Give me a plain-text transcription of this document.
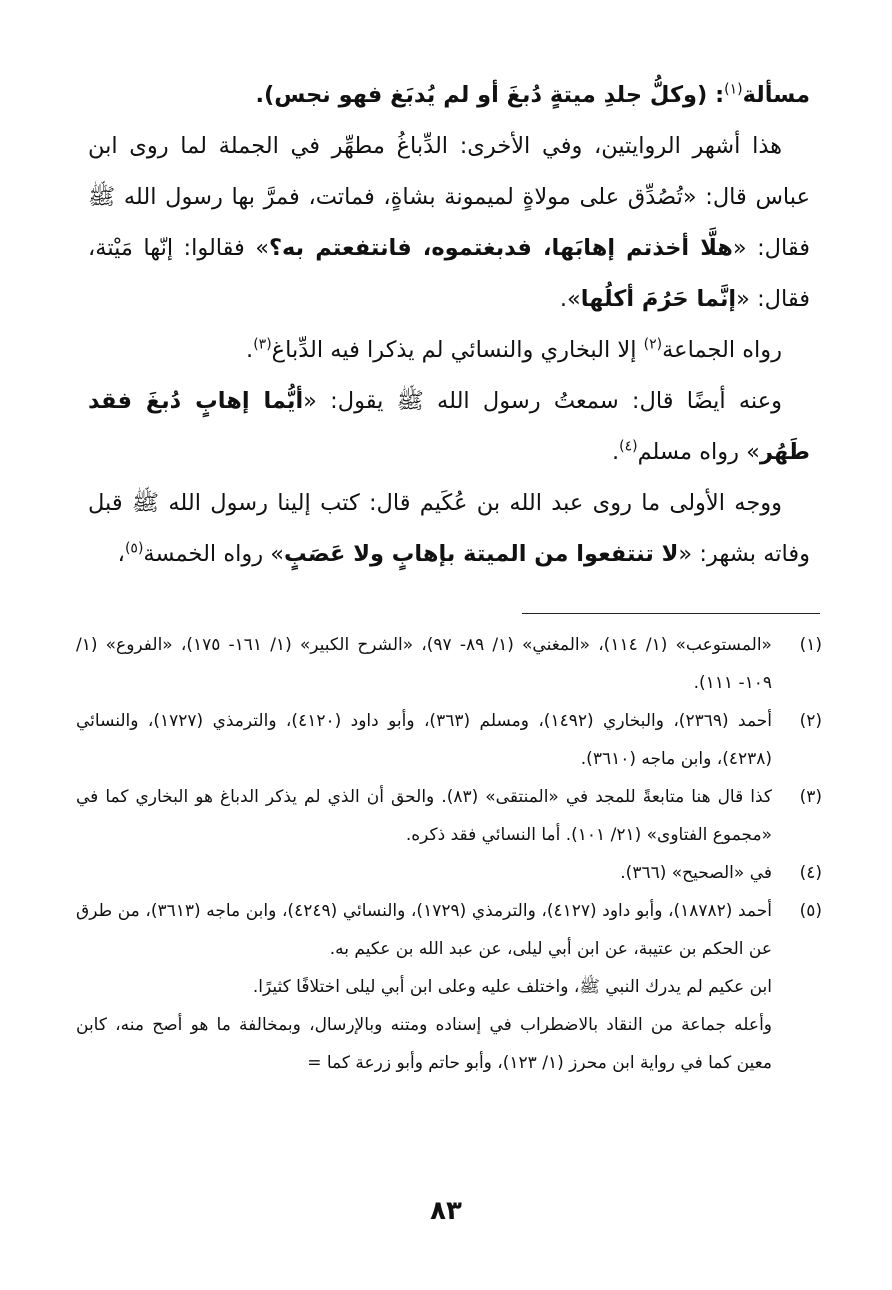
مسألة$^{(١)}$: (وكلُّ جلدِ ميتةٍ دُبغَ أو لم يُدبَغ فهو نجس).

هذا أشهر الروايتين، وفي الأخرى: الدِّباغُ مطهِّر في الجملة لما روى ابن عباس قال: «تُصُدِّق على مولاةٍ لميمونة بشاةٍ، فماتت، فمرَّ بها رسول الله ﷺ فقال: «هلَّا أخذتم إهابَها، فدبغتموه، فانتفعتم به؟» فقالوا: إنّها مَيْتة، فقال: «إنَّما حَرُمَ أكلُها».

رواه الجماعة$^{(٢)}$ إلا البخاري والنسائي لم يذكرا فيه الدِّباغ$^{(٣)}$.

وعنه أيضًا قال: سمعتُ رسول الله ﷺ يقول: «أيُّما إهابٍ دُبغَ فقد طَهُر» رواه مسلم$^{(٤)}$.

ووجه الأولى ما روى عبد الله بن عُكَيم قال: كتب إلينا رسول الله ﷺ قبل وفاته بشهر: «لا تنتفعوا من الميتة بإهابٍ ولا عَصَبٍ» رواه الخمسة$^{(٥)}$،

(١)

«المستوعب» (١/ ١١٤)، «المغني» (١/ ٨٩- ٩٧)، «الشرح الكبير» (١/ ١٦١- ١٧٥)، «الفروع» (١/ ١٠٩- ١١١).

(٢)

أحمد (٢٣٦٩)، والبخاري (١٤٩٢)، ومسلم (٣٦٣)، وأبو داود (٤١٢٠)، والترمذي (١٧٢٧)، والنسائي (٤٢٣٨)، وابن ماجه (٣٦١٠).

(٣)

كذا قال هنا متابعةً للمجد في «المنتقى» (٨٣). والحق أن الذي لم يذكر الدباغ هو البخاري كما في «مجموع الفتاوى» (٢١/ ١٠١). أما النسائي فقد ذكره.

(٤)

في «الصحيح» (٣٦٦).

(٥)

أحمد (١٨٧٨٢)، وأبو داود (٤١٢٧)، والترمذي (١٧٢٩)، والنسائي (٤٢٤٩)، وابن ماجه (٣٦١٣)، من طرق عن الحكم بن عتيبة، عن ابن أبي ليلى، عن عبد الله بن عكيم به.

ابن عكيم لم يدرك النبي ﷺ، واختلف عليه وعلى ابن أبي ليلى اختلافًا كثيرًا.

وأعله جماعة من النقاد بالاضطراب في إسناده ومتنه وبالإرسال، وبمخالفة ما هو أصح منه، كابن معين كما في رواية ابن محرز (١/ ١٢٣)، وأبو حاتم وأبو زرعة كما =

٨٣
